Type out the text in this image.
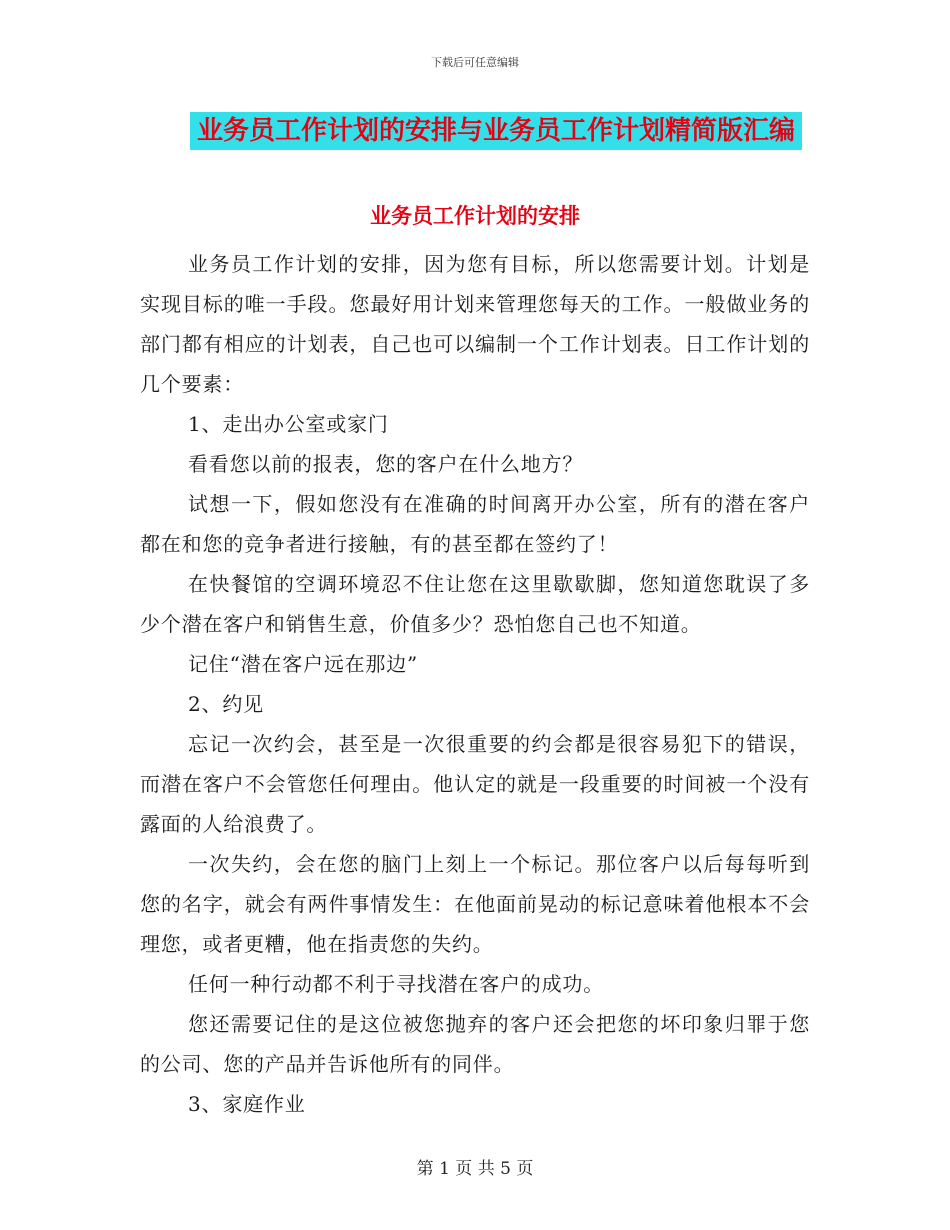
下载后可任意编辑
业务员工作计划的安排与业务员工作计划精简版汇编
业务员工作计划的安排

业务员工作计划的安排，因为您有目标，所以您需要计划。计划是实现目标的唯一手段。您最好用计划来管理您每天的工作。一般做业务的部门都有相应的计划表，自己也可以编制一个工作计划表。日工作计划的几个要素：

1、走出办公室或家门

看看您以前的报表，您的客户在什么地方？

试想一下，假如您没有在准确的时间离开办公室，所有的潜在客户都在和您的竞争者进行接触，有的甚至都在签约了！

在快餐馆的空调环境忍不住让您在这里歇歇脚，您知道您耽误了多少个潜在客户和销售生意，价值多少？恐怕您自己也不知道。

记住“潜在客户远在那边”

2、约见

忘记一次约会，甚至是一次很重要的约会都是很容易犯下的错误，而潜在客户不会管您任何理由。他认定的就是一段重要的时间被一个没有露面的人给浪费了。

一次失约，会在您的脑门上刻上一个标记。那位客户以后每每听到您的名字，就会有两件事情发生：在他面前晃动的标记意味着他根本不会理您，或者更糟，他在指责您的失约。

任何一种行动都不利于寻找潜在客户的成功。

您还需要记住的是这位被您抛弃的客户还会把您的坏印象归罪于您的公司、您的产品并告诉他所有的同伴。

3、家庭作业

第 1 页 共 5 页
